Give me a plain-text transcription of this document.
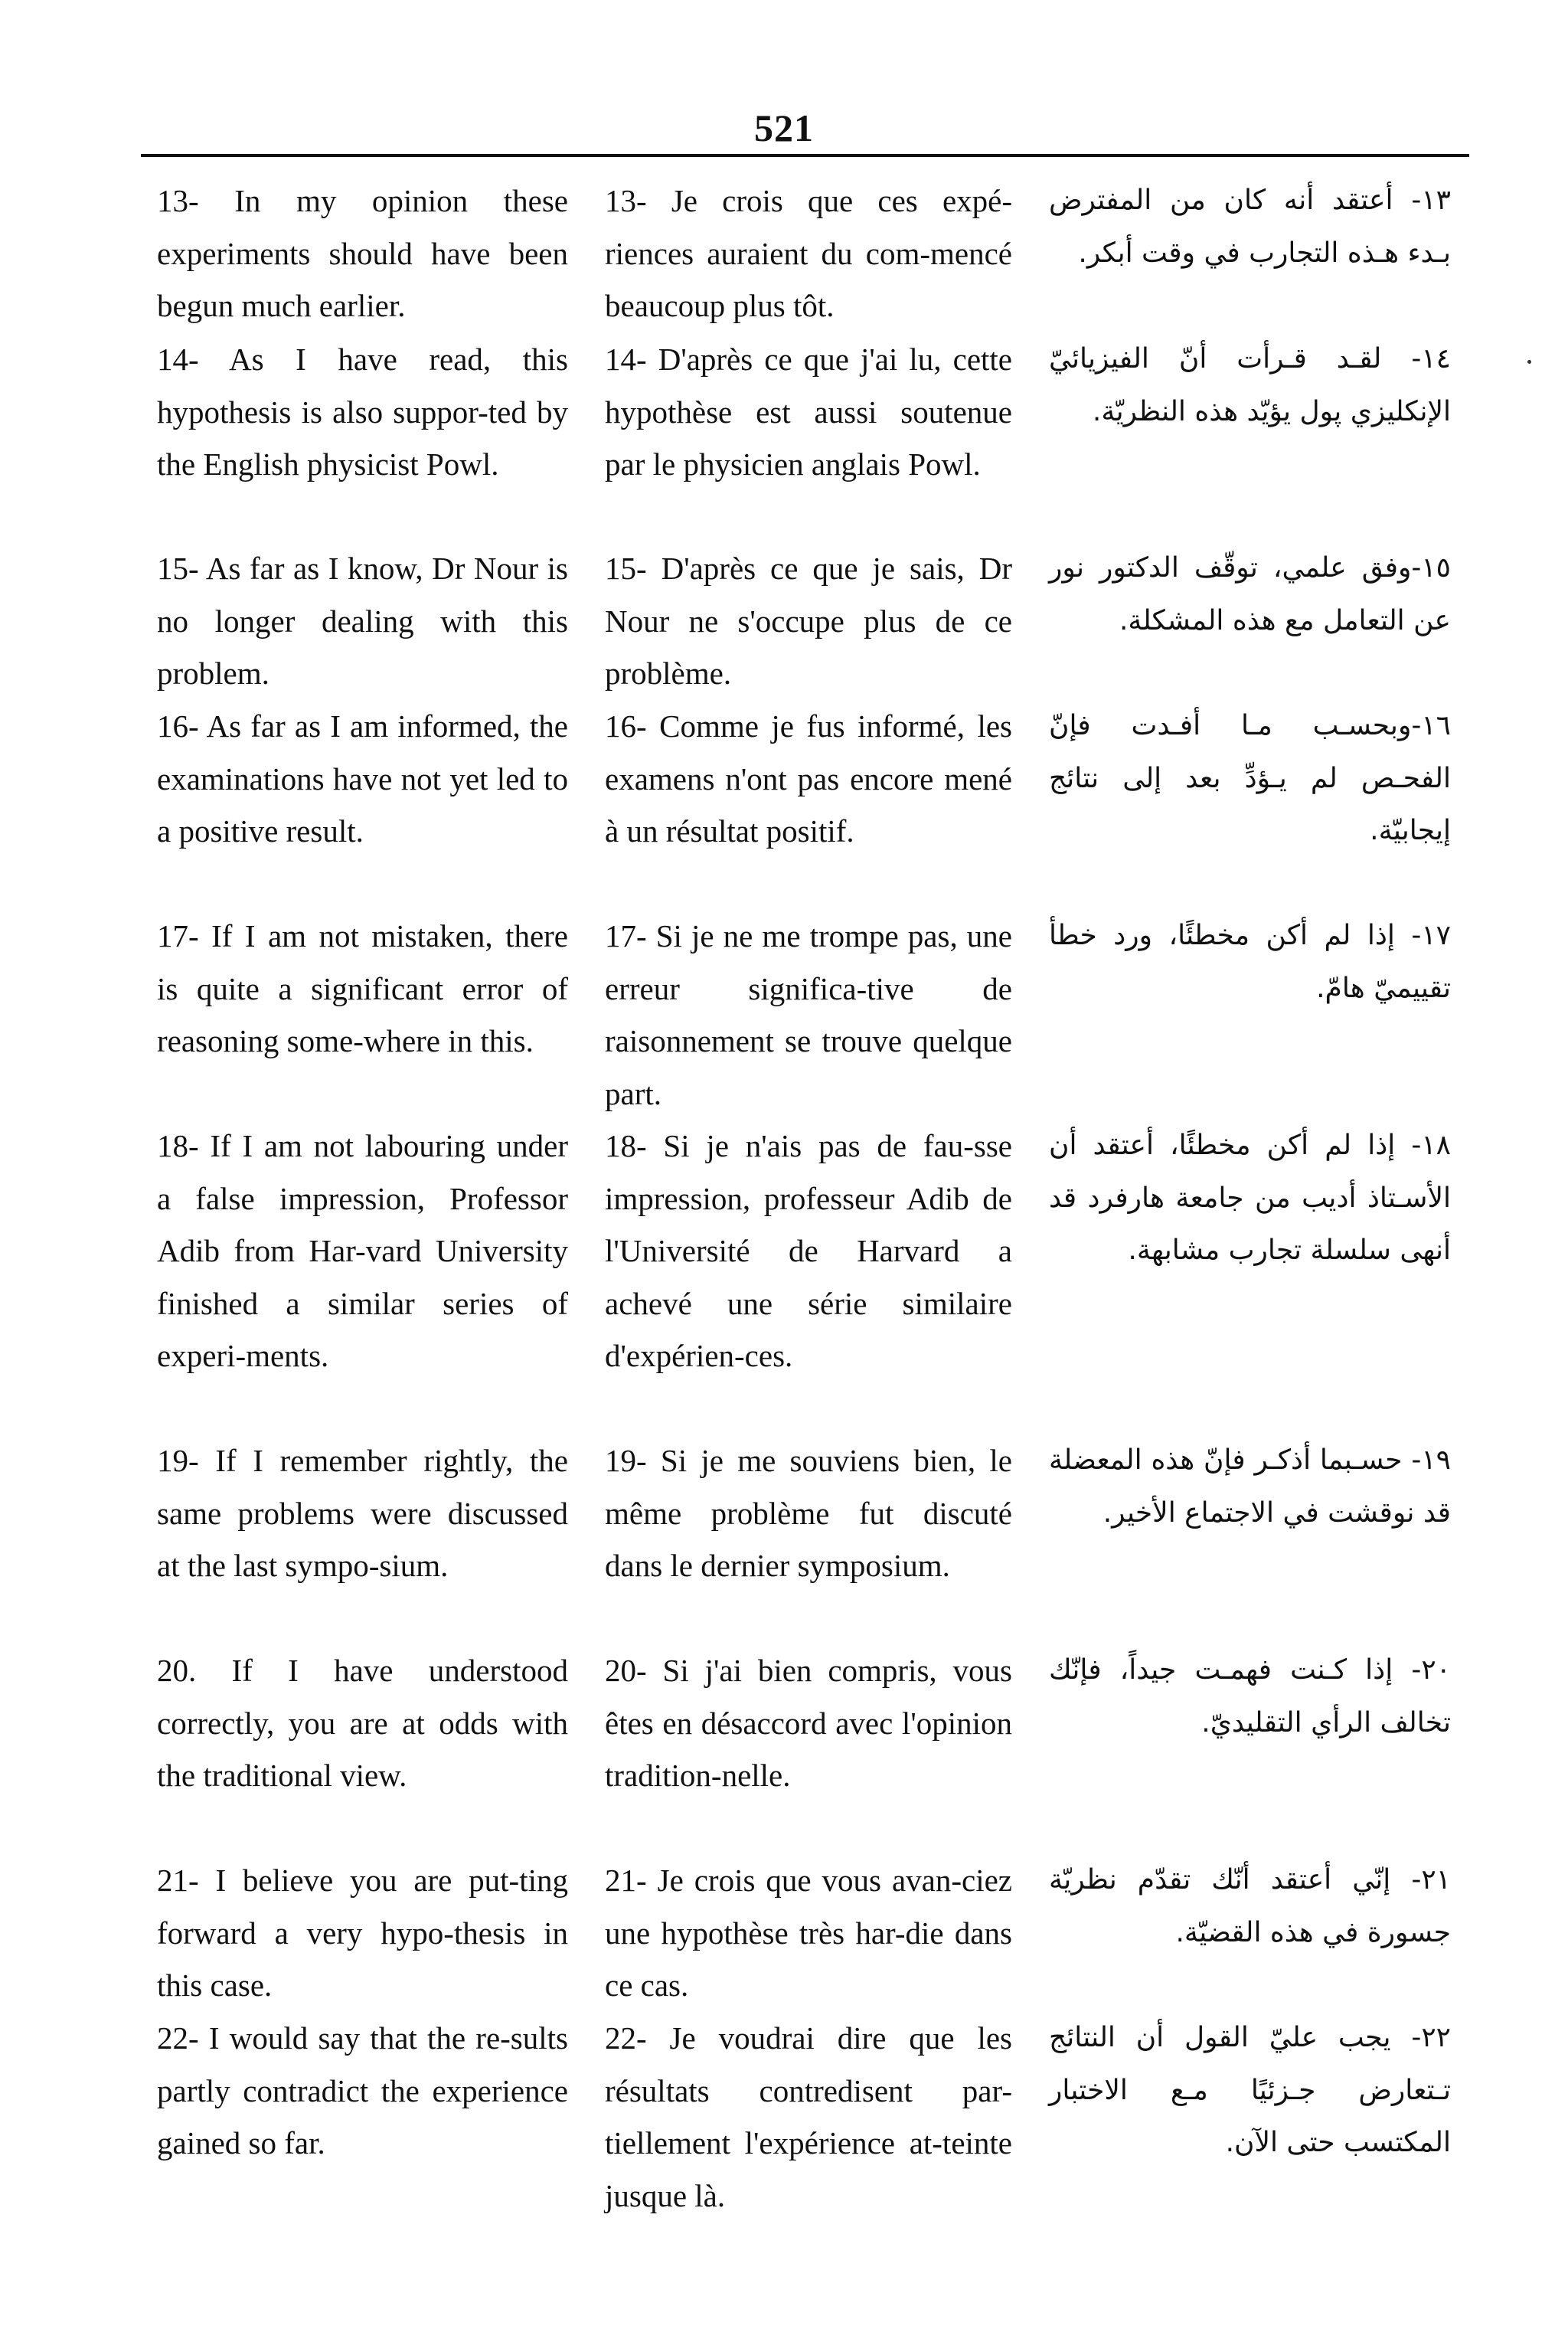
521

13- In my opinion these experiments should have been begun much earlier.

13- Je crois que ces expé-riences auraient du com-mencé beaucoup plus tôt.

١٣- أعتقد أنه كان من المفترض بـدء هـذه التجارب في وقت أبكر.

14- As I have read, this hypothesis is also suppor-ted by the English physicist Powl.

14- D'après ce que j'ai lu, cette hypothèse est aussi soutenue par le physicien anglais Powl.

١٤- لقـد قـرأت أنّ الفيزيائيّ الإنكليزي پول يؤيّد هذه النظريّة.

15- As far as I know, Dr Nour is no longer dealing with this problem.

15- D'après ce que je sais, Dr Nour ne s'occupe plus de ce problème.

١٥-وفق علمي، توقّف الدكتور نور عن التعامل مع هذه المشكلة.

16- As far as I am informed, the examinations have not yet led to a positive result.

16- Comme je fus informé, les examens n'ont pas encore mené à un résultat positif.

١٦-وبحسـب مـا أفـدت فإنّ الفحـص لم يـؤدِّ بعد إلى نتائج إيجابيّة.

17- If I am not mistaken, there is quite a significant error of reasoning some-where in this.

17- Si je ne me trompe pas, une erreur significa-tive de raisonnement se trouve quelque part.

١٧- إذا لم أكن مخطئًا، ورد خطأ تقييميّ هامّ.

18- If I am not labouring under a false impression, Professor Adib from Har-vard University finished a similar series of experi-ments.

18- Si je n'ais pas de fau-sse impression, professeur Adib de l'Université de Harvard a achevé une série similaire d'expérien-ces.

١٨- إذا لم أكن مخطئًا، أعتقد أن الأسـتاذ أديب من جامعة هارفرد قد أنهى سلسلة تجارب مشابهة.

19- If I remember rightly, the same problems were discussed at the last sympo-sium.

19- Si je me souviens bien, le même problème fut discuté dans le dernier symposium.

١٩- حسـبما أذكـر فإنّ هذه المعضلة قد نوقشت في الاجتماع الأخير.

20. If I have understood correctly, you are at odds with the traditional view.

20- Si j'ai bien compris, vous êtes en désaccord avec l'opinion tradition-nelle.

٢٠- إذا كـنت فهمـت جيداً، فإنّك تخالف الرأي التقليديّ.

21- I believe you are put-ting forward a very hypo-thesis in this case.

21- Je crois que vous avan-ciez une hypothèse très har-die dans ce cas.

٢١- إنّي أعتقد أنّك تقدّم نظريّة جسورة في هذه القضيّة.

22- I would say that the re-sults partly contradict the experience gained so far.

22- Je voudrai dire que les résultats contredisent par-tiellement l'expérience at-teinte jusque là.

٢٢- يجب عليّ القول أن النتائج تـتعارض جـزئيًا مـع الاختبار المكتسب حتى الآن.
